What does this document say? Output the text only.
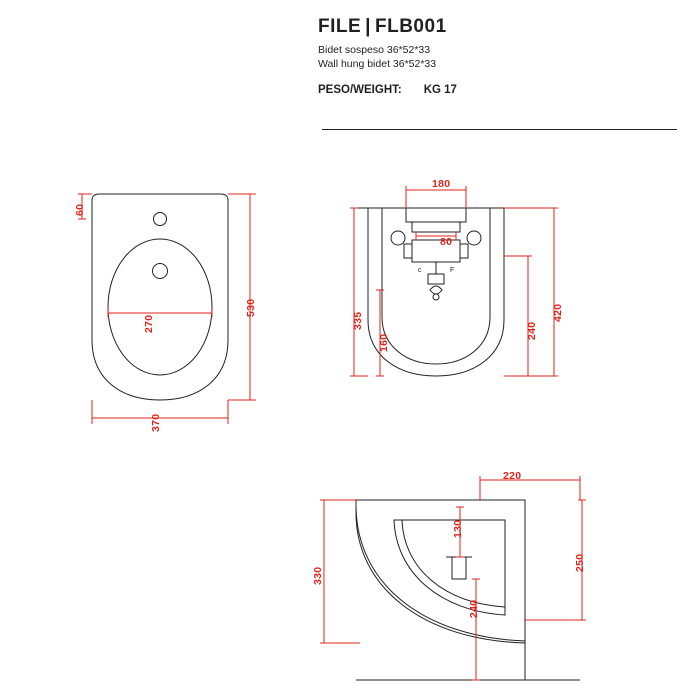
FILE | FLB001
Bidet sospeso 36*52*33
Wall hung bidet 36*52*33
PESO/WEIGHT: KG 17
60
530
270
370
c	F
180
80
335
160
240
420
220
130
330
240
250
